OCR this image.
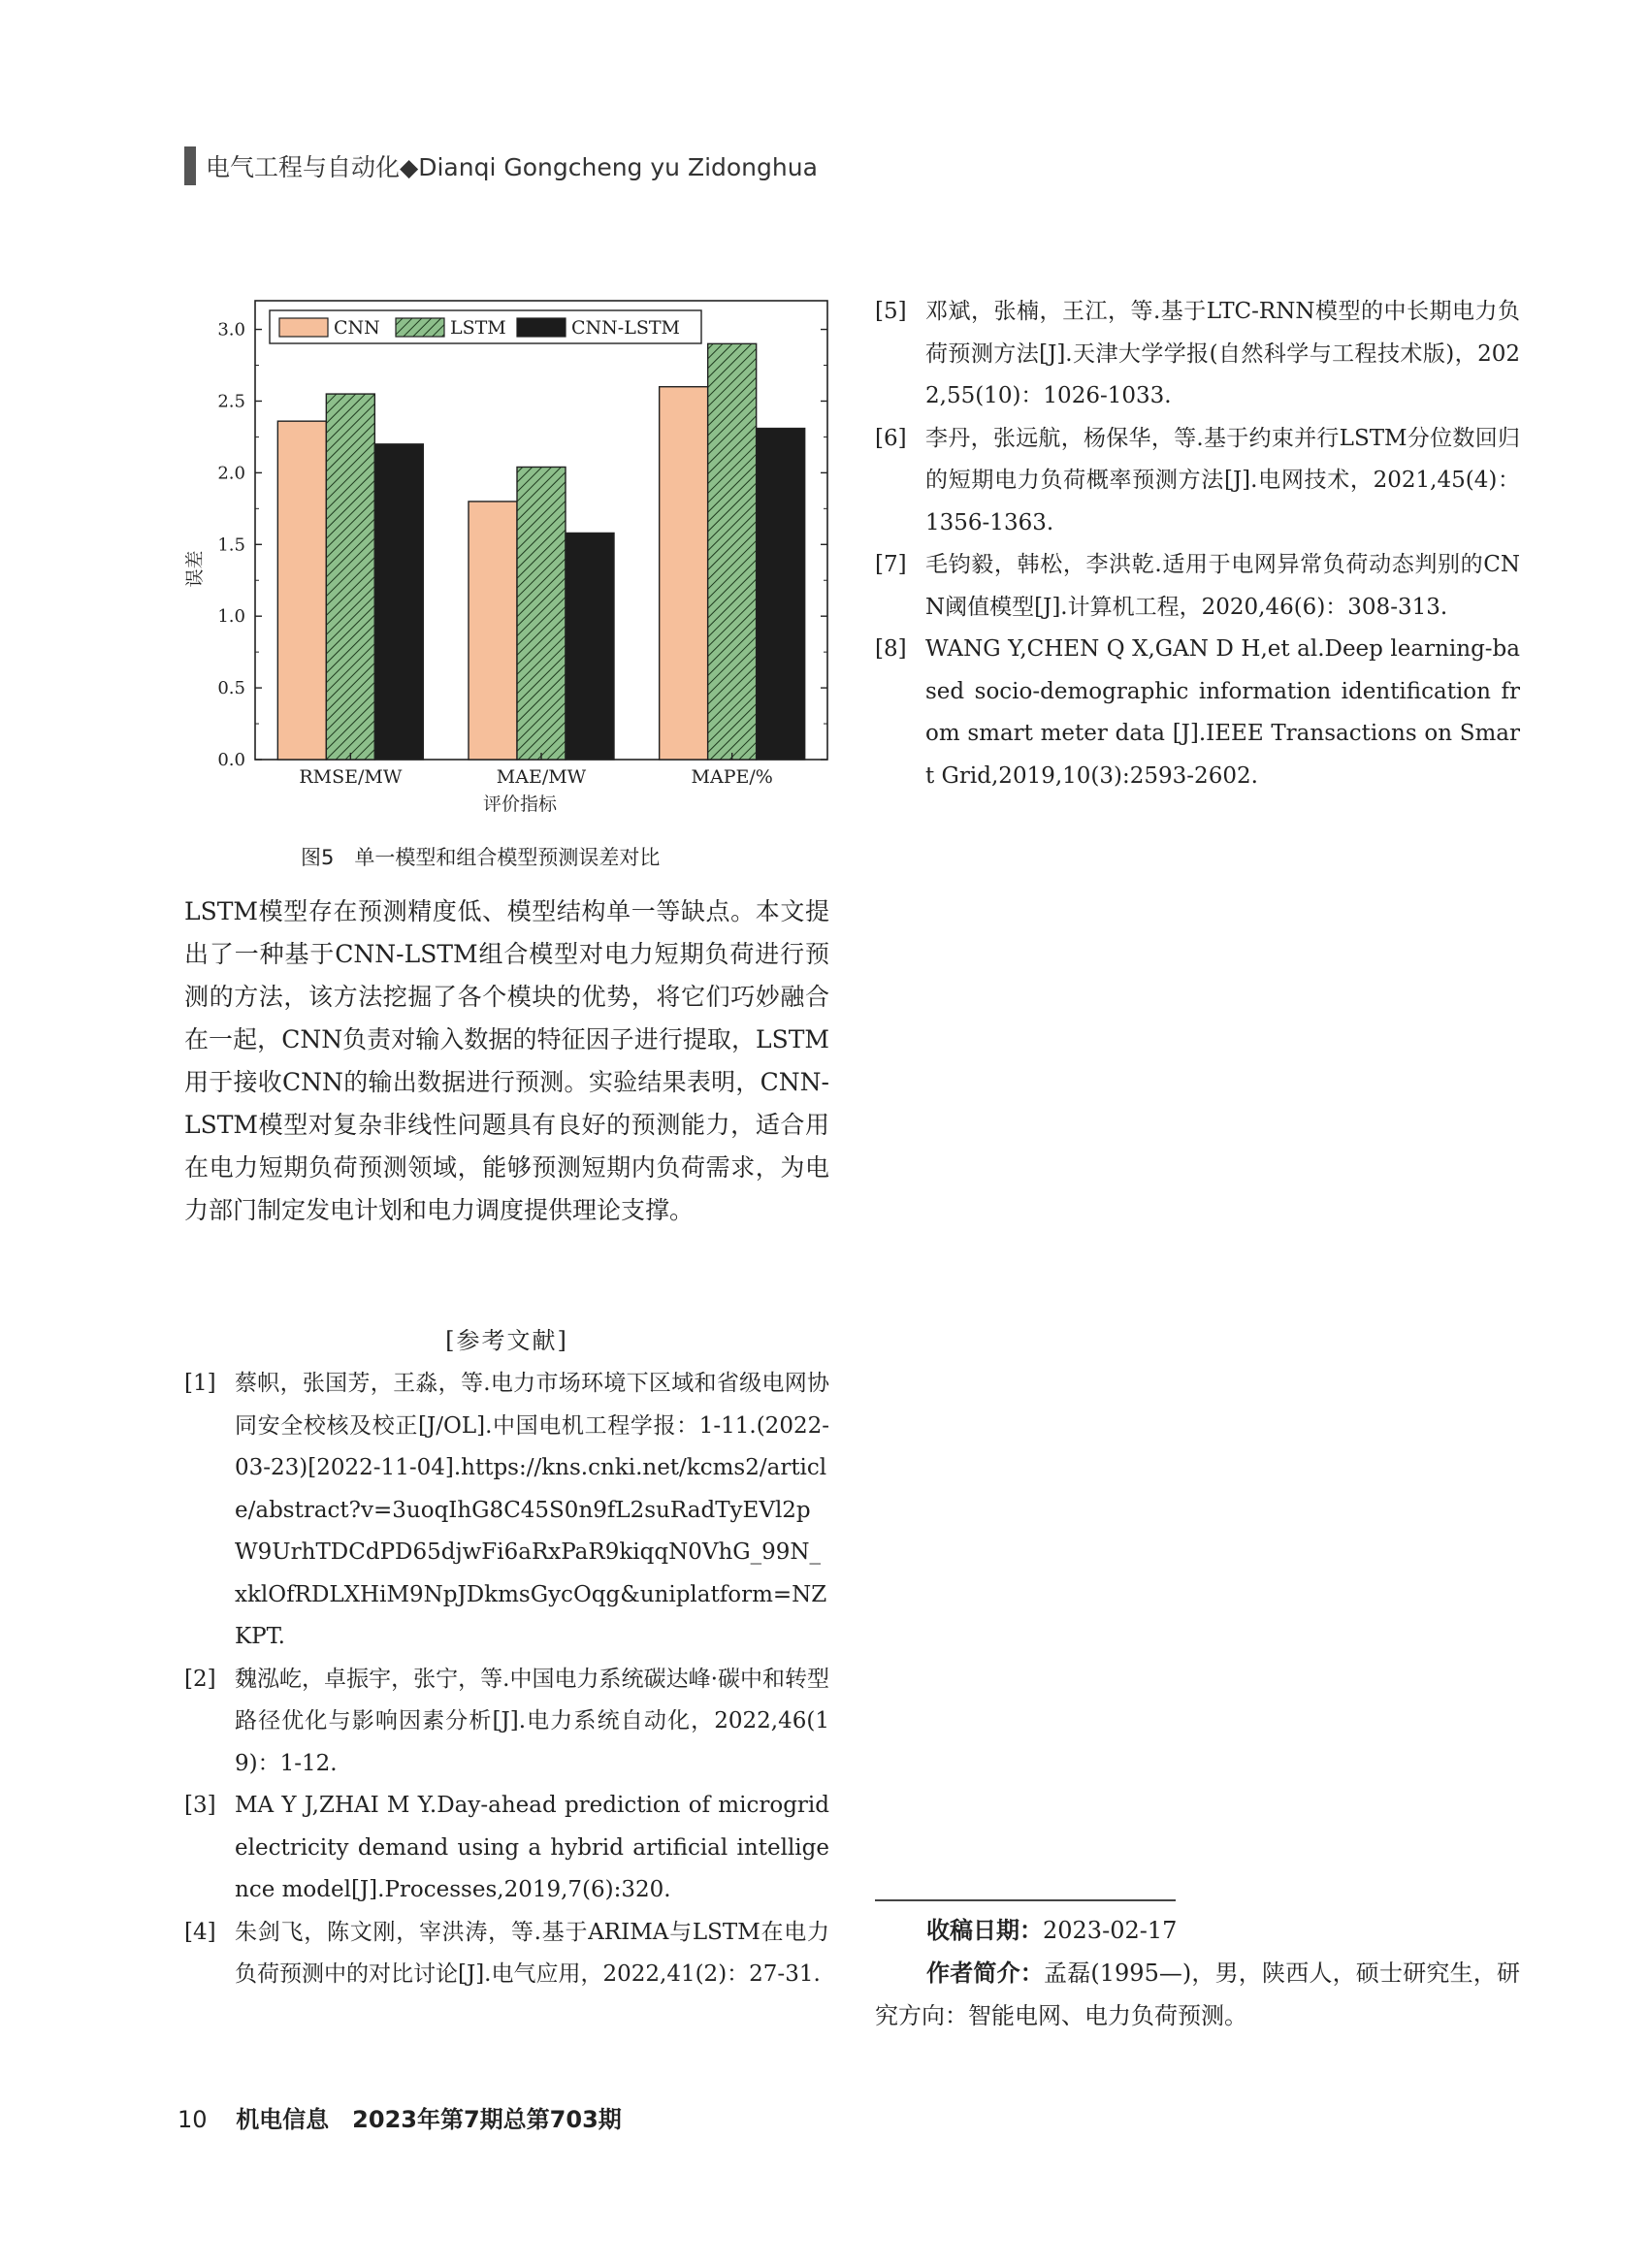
电气工程与自动化◆Dianqi Gongcheng yu Zidonghua
0.0
0.5
1.0
1.5
2.0
2.5
3.0
RMSE/MW	MAE/MW	MAPE/%
评价指标
误差
CNN	LSTM	CNN-LSTM
图5　单一模型和组合模型预测误差对比

LSTM模型存在预测精度低、模型结构单一等缺点。本文提出了一种基于CNN-LSTM组合模型对电力短期负荷进行预测的方法，该方法挖掘了各个模块的优势，将它们巧妙融合在一起，CNN负责对输入数据的特征因子进行提取，LSTM用于接收CNN的输出数据进行预测。实验结果表明，CNN-LSTM模型对复杂非线性问题具有良好的预测能力，适合用在电力短期负荷预测领域，能够预测短期内负荷需求，为电力部门制定发电计划和电力调度提供理论支撑。

[参考文献]

[1] 蔡帜，张国芳，王淼，等.电力市场环境下区域和省级电网协同安全校核及校正[J/OL].中国电机工程学报：1-11.(2022-03-23)[2022-11-04].https://kns.cnki.net/kcms2/article/abstract?v=3uoqIhG8C45S0n9fL2suRadTyEVl2pW9UrhTDCdPD65djwFi6aRxPaR9kiqqN0VhG_99N_xklOfRDLXHiM9NpJDkmsGycOqg&uniplatform=NZKPT.

[2] 魏泓屹，卓振宇，张宁，等.中国电力系统碳达峰·碳中和转型路径优化与影响因素分析[J].电力系统自动化，2022,46(19)：1-12.

[3] MA Y J,ZHAI M Y.Day-ahead prediction of microgrid electricity demand using a hybrid artificial intelligence model[J].Processes,2019,7(6):320.

[4] 朱剑飞，陈文刚，宰洪涛，等.基于ARIMA与LSTM在电力负荷预测中的对比讨论[J].电气应用，2022,41(2)：27-31.

[5] 邓斌，张楠，王江，等.基于LTC-RNN模型的中长期电力负荷预测方法[J].天津大学学报(自然科学与工程技术版)，2022,55(10)：1026-1033.

[6] 李丹，张远航，杨保华，等.基于约束并行LSTM分位数回归的短期电力负荷概率预测方法[J].电网技术，2021,45(4)：1356-1363.

[7] 毛钧毅，韩松，李洪乾.适用于电网异常负荷动态判别的CNN阈值模型[J].计算机工程，2020,46(6)：308-313.

[8] WANG Y,CHEN Q X,GAN D H,et al.Deep learning-based socio-demographic information identification from smart meter data [J].IEEE Transactions on Smart Grid,2019,10(3):2593-2602.

收稿日期：2023-02-17

作者简介：孟磊(1995—)，男，陕西人，硕士研究生，研究方向：智能电网、电力负荷预测。

10 机电信息　2023年第7期总第703期
